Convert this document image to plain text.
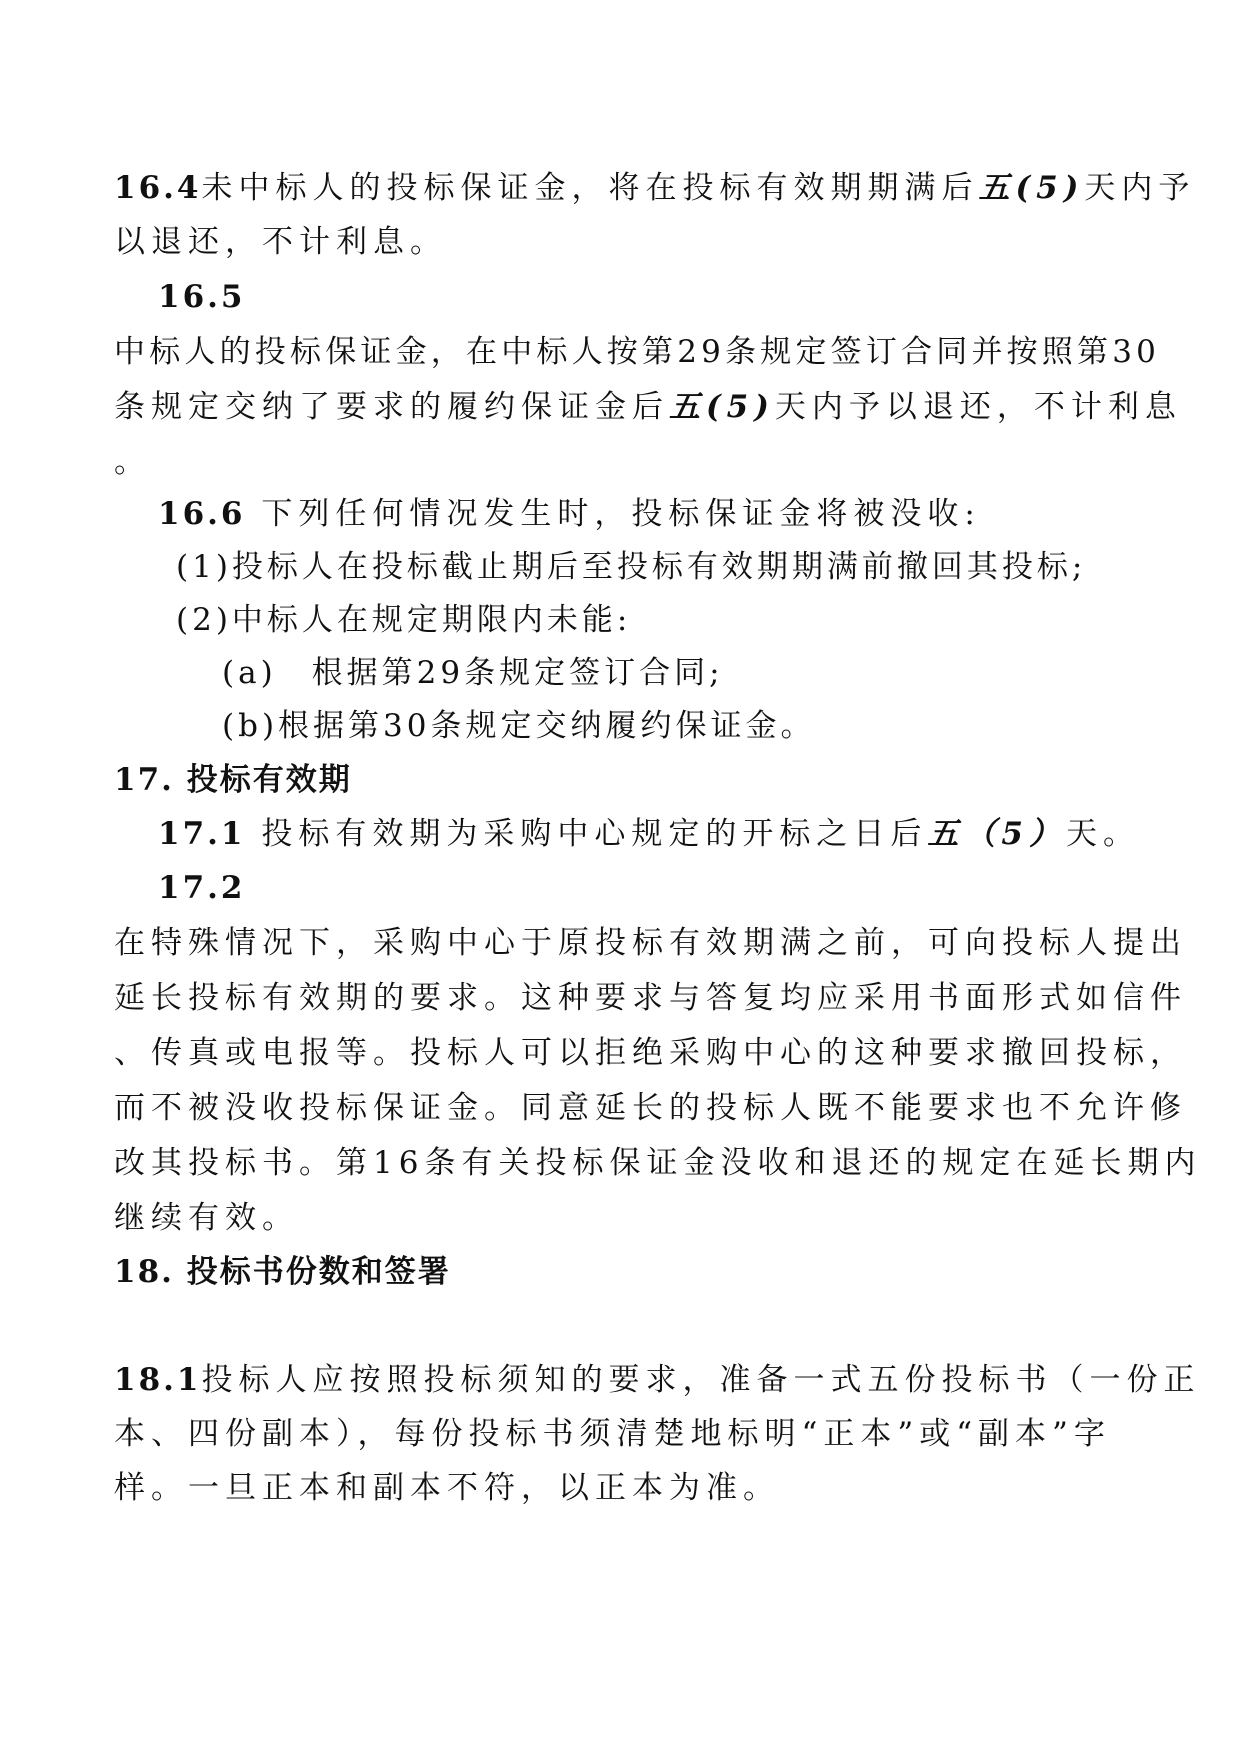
16.4未中标人的投标保证金，将在投标有效期期满后五(5)天内予
以退还，不计利息。
16.5
中标人的投标保证金，在中标人按第29条规定签订合同并按照第30
条规定交纳了要求的履约保证金后五(5)天内予以退还，不计利息
。
16.6 下列任何情况发生时，投标保证金将被没收:
(1)投标人在投标截止期后至投标有效期期满前撤回其投标;
(2)中标人在规定期限内未能:
(a)　根据第29条规定签订合同;
(b)根据第30条规定交纳履约保证金。
17. 投标有效期
17.1 投标有效期为采购中心规定的开标之日后五（5）天。
17.2
在特殊情况下，采购中心于原投标有效期满之前，可向投标人提出
延长投标有效期的要求。这种要求与答复均应采用书面形式如信件
、传真或电报等。投标人可以拒绝采购中心的这种要求撤回投标，
而不被没收投标保证金。同意延长的投标人既不能要求也不允许修
改其投标书。第16条有关投标保证金没收和退还的规定在延长期内
继续有效。
18. 投标书份数和签署
18.1投标人应按照投标须知的要求，准备一式五份投标书（一份正
本、四份副本），每份投标书须清楚地标明“正本”或“副本”字
样。一旦正本和副本不符，以正本为准。
